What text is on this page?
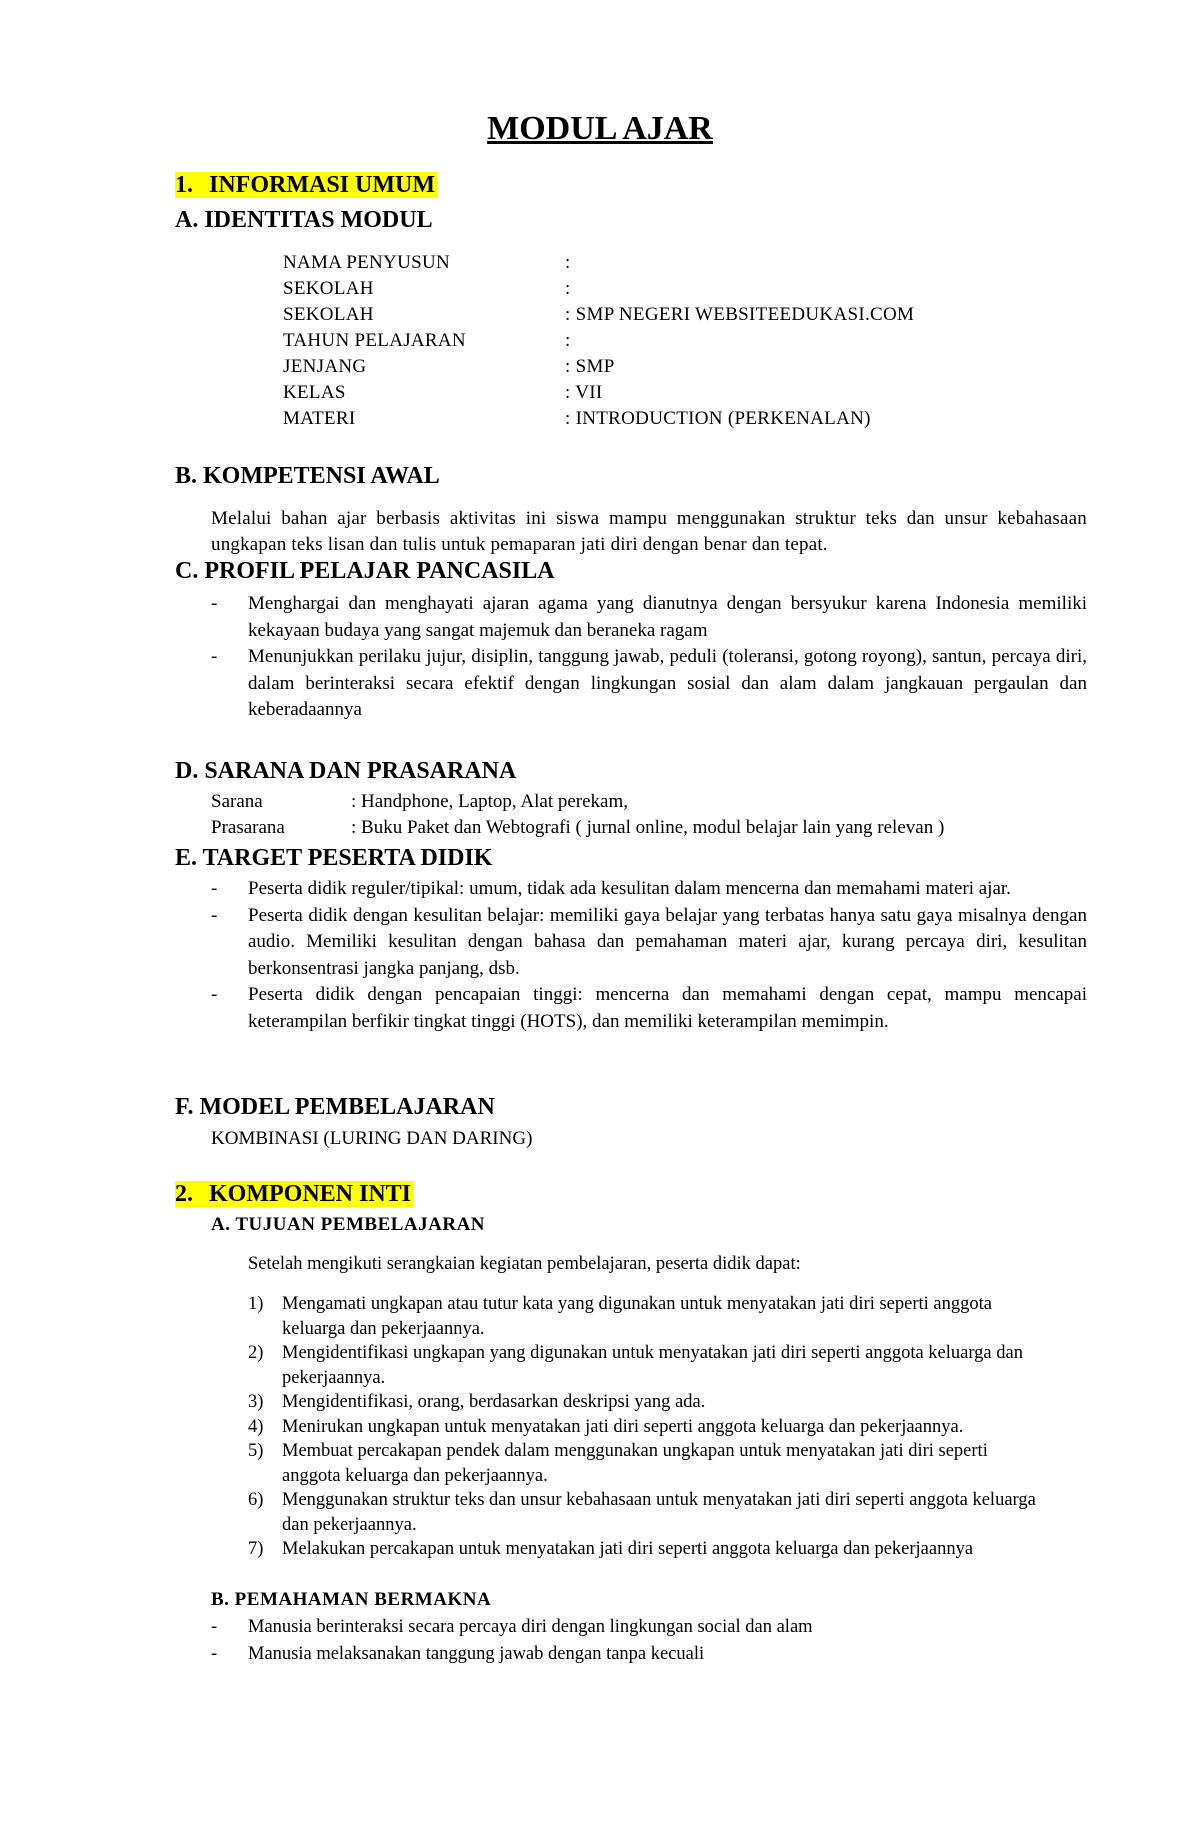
MODUL AJAR
1. INFORMASI UMUM
A. IDENTITAS MODUL
NAMA PENYUSUN	:
SEKOLAH	:
SEKOLAH	: SMP NEGERI WEBSITEEDUKASI.COM
TAHUN PELAJARAN	:
JENJANG	: SMP
KELAS	: VII
MATERI	: INTRODUCTION (PERKENALAN)
B. KOMPETENSI AWAL

Melalui bahan ajar berbasis aktivitas ini siswa mampu menggunakan struktur teks dan unsur kebahasaan ungkapan teks lisan dan tulis untuk pemaparan jati diri dengan benar dan tepat.

C. PROFIL PELAJAR PANCASILA
- Menghargai dan menghayati ajaran agama yang dianutnya dengan bersyukur karena Indonesia memiliki kekayaan budaya yang sangat majemuk dan beraneka ragam
- Menunjukkan perilaku jujur, disiplin, tanggung jawab, peduli (toleransi, gotong royong), santun, percaya diri, dalam berinteraksi secara efektif dengan lingkungan sosial dan alam dalam jangkauan pergaulan dan keberadaannya
D. SARANA DAN PRASARANA
Sarana	: Handphone, Laptop, Alat perekam,
Prasarana	: Buku Paket dan Webtografi ( jurnal online, modul belajar lain yang relevan )
E. TARGET PESERTA DIDIK
- Peserta didik reguler/tipikal: umum, tidak ada kesulitan dalam mencerna dan memahami materi ajar.
- Peserta didik dengan kesulitan belajar: memiliki gaya belajar yang terbatas hanya satu gaya misalnya dengan audio. Memiliki kesulitan dengan bahasa dan pemahaman materi ajar, kurang percaya diri, kesulitan berkonsentrasi jangka panjang, dsb.
- Peserta didik dengan pencapaian tinggi: mencerna dan memahami dengan cepat, mampu mencapai keterampilan berfikir tingkat tinggi (HOTS), dan memiliki keterampilan memimpin.
F. MODEL PEMBELAJARAN

KOMBINASI (LURING DAN DARING)

2. KOMPONEN INTI
A. TUJUAN PEMBELAJARAN

Setelah mengikuti serangkaian kegiatan pembelajaran, peserta didik dapat:

1) Mengamati ungkapan atau tutur kata yang digunakan untuk menyatakan jati diri seperti anggota keluarga dan pekerjaannya.
2) Mengidentifikasi ungkapan yang digunakan untuk menyatakan jati diri seperti anggota keluarga dan pekerjaannya.
3) Mengidentifikasi, orang, berdasarkan deskripsi yang ada.
4) Menirukan ungkapan untuk menyatakan jati diri seperti anggota keluarga dan pekerjaannya.
5) Membuat percakapan pendek dalam menggunakan ungkapan untuk menyatakan jati diri seperti anggota keluarga dan pekerjaannya.
6) Menggunakan struktur teks dan unsur kebahasaan untuk menyatakan jati diri seperti anggota keluarga dan pekerjaannya.
7) Melakukan percakapan untuk menyatakan jati diri seperti anggota keluarga dan pekerjaannya
B. PEMAHAMAN BERMAKNA
- Manusia berinteraksi secara percaya diri dengan lingkungan social dan alam
- Manusia melaksanakan tanggung jawab dengan tanpa kecuali
